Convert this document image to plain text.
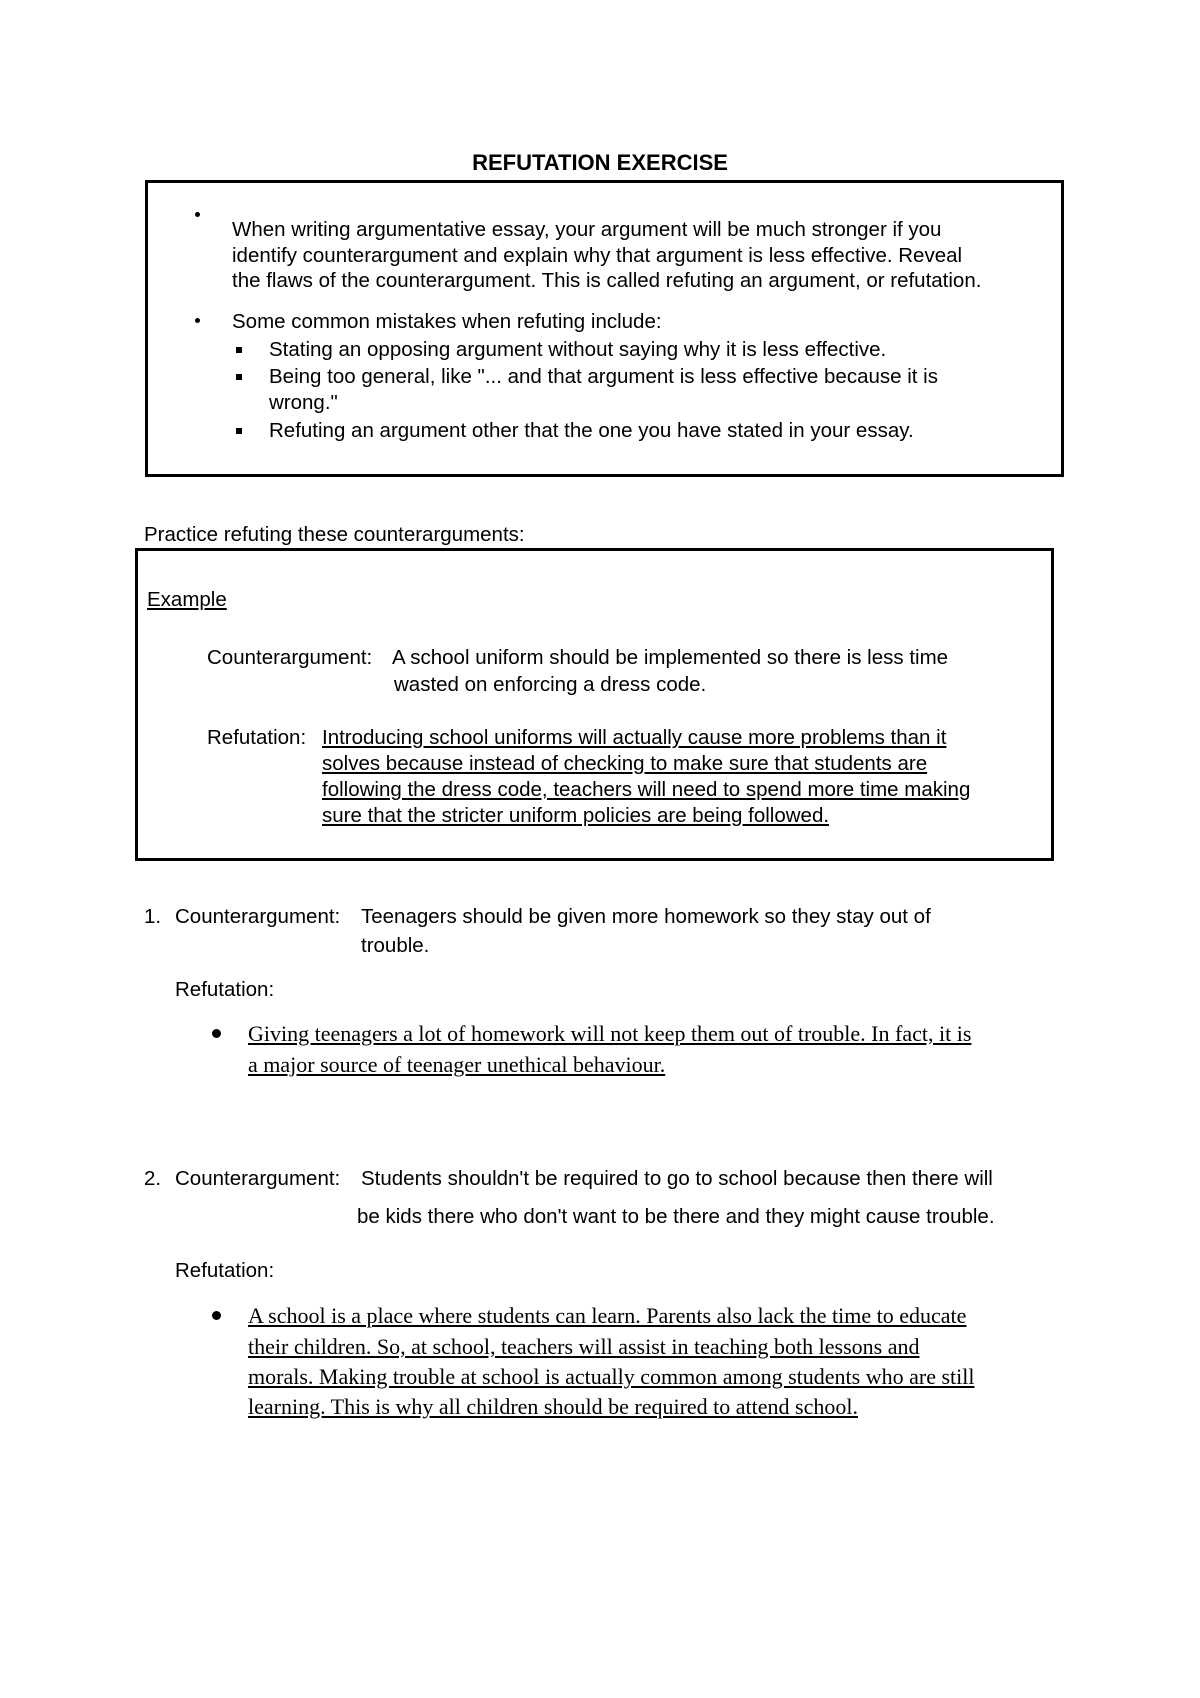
REFUTATION EXERCISE
When writing argumentative essay, your argument will be much stronger if you
identify counterargument and explain why that argument is less effective. Reveal
the flaws of the counterargument. This is called refuting an argument, or refutation.
Some common mistakes when refuting include:
Stating an opposing argument without saying why it is less effective.
Being too general, like "... and that argument is less effective because it is
wrong."
Refuting an argument other that the one you have stated in your essay.
Practice refuting these counterarguments:
Example
Counterargument: A school uniform should be implemented so there is less time
wasted on enforcing a dress code.
Refutation: Introducing school uniforms will actually cause more problems than it
solves because instead of checking to make sure that students are
following the dress code, teachers will need to spend more time making
sure that the stricter uniform policies are being followed.
1. Counterargument: Teenagers should be given more homework so they stay out of
trouble.
Refutation:
Giving teenagers a lot of homework will not keep them out of trouble. In fact, it is
a major source of teenager unethical behaviour.
2. Counterargument: Students shouldn't be required to go to school because then there will
be kids there who don't want to be there and they might cause trouble.
Refutation:
A school is a place where students can learn. Parents also lack the time to educate
their children. So, at school, teachers will assist in teaching both lessons and
morals. Making trouble at school is actually common among students who are still
learning. This is why all children should be required to attend school.
